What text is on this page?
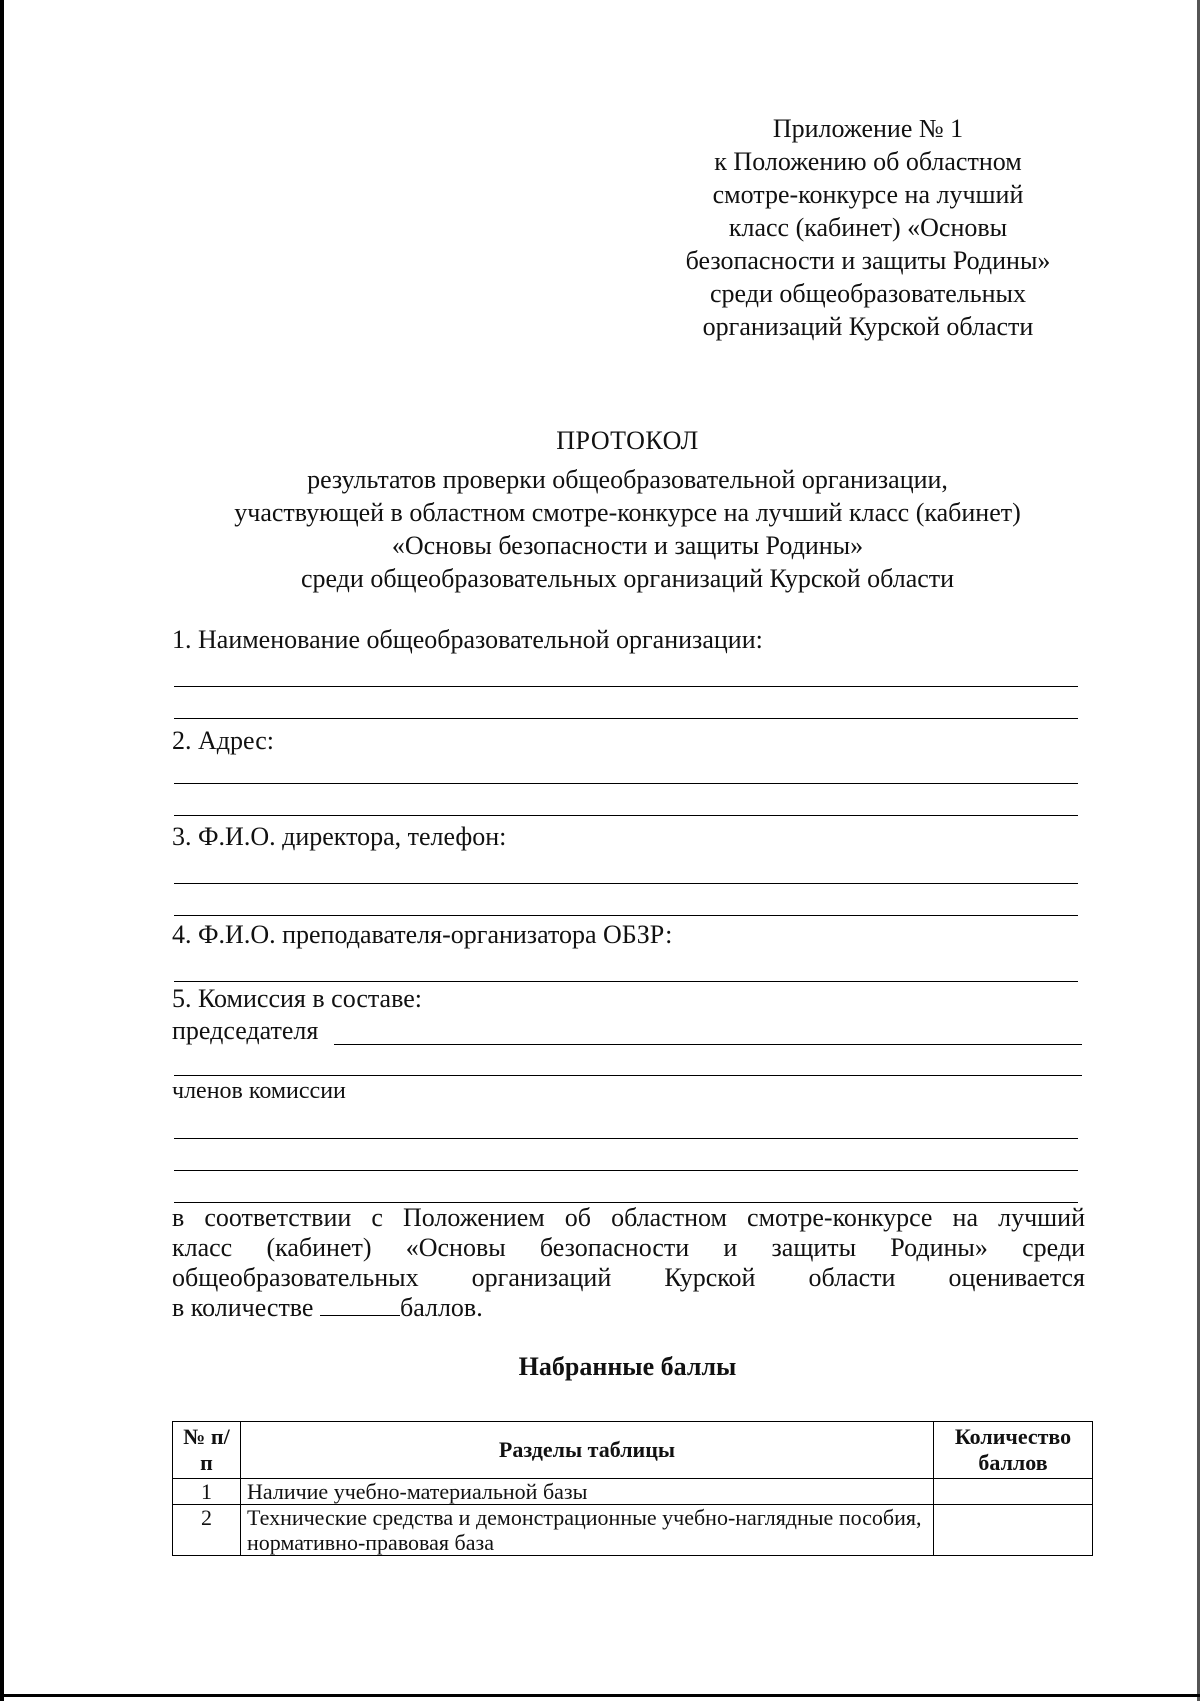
Приложение № 1
к Положению об областном
смотре-конкурсе на лучший
класс (кабинет) «Основы
безопасности и защиты Родины»
среди общеобразовательных
организаций Курской области
ПРОТОКОЛ
результатов проверки общеобразовательной организации,
участвующей в областном смотре-конкурсе на лучший класс (кабинет)
«Основы безопасности и защиты Родины»
среди общеобразовательных организаций Курской области
1. Наименование общеобразовательной организации:
2. Адрес:
3. Ф.И.О. директора, телефон:
4. Ф.И.О. преподавателя-организатора ОБЗР:
5. Комиссия в составе:
председателя
членов комиссии
в соответствии с Положением об областном смотре-конкурсе на лучший
класс (кабинет) «Основы безопасности и защиты Родины» среди
общеобразовательных организаций Курской области оценивается
в количестве	баллов.
Набранные баллы
№ п/п	Разделы таблицы	Количество баллов
1	Наличие учебно-материальной базы	
2	Технические средства и демонстрационные учебно-наглядные пособия, нормативно-правовая база	
